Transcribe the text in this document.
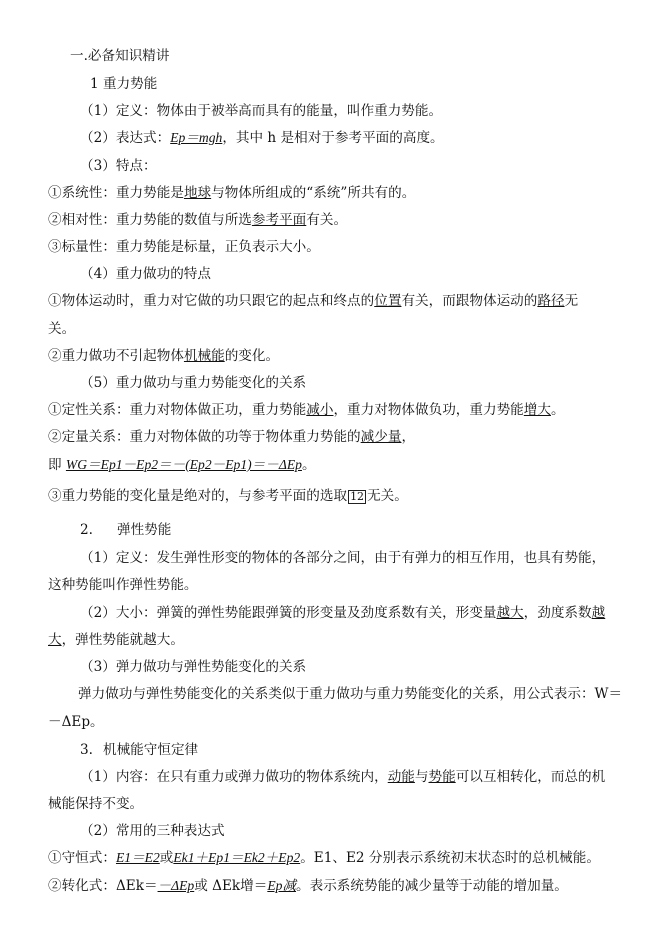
一.必备知识精讲
1 重力势能
（1）定义：物体由于被举高而具有的能量，叫作重力势能。
（2）表达式：Ep＝mgh，其中 h 是相对于参考平面的高度。
（3）特点：
①系统性：重力势能是地球与物体所组成的“系统”所共有的。
②相对性：重力势能的数值与所选参考平面有关。
③标量性：重力势能是标量，正负表示大小。
（4）重力做功的特点
①物体运动时，重力对它做的功只跟它的起点和终点的位置有关，而跟物体运动的路径无
关。
②重力做功不引起物体机械能的变化。
（5）重力做功与重力势能变化的关系
①定性关系：重力对物体做正功，重力势能减小，重力对物体做负功，重力势能增大。
②定量关系：重力对物体做的功等于物体重力势能的减少量，
即 WG＝Ep1－Ep2＝－(Ep2－Ep1)＝－ΔEp。
③重力势能的变化量是绝对的，与参考平面的选取 12 无关。
2. 弹性势能
（1）定义：发生弹性形变的物体的各部分之间，由于有弹力的相互作用，也具有势能，
这种势能叫作弹性势能。
（2）大小：弹簧的弹性势能跟弹簧的形变量及劲度系数有关，形变量越大，劲度系数越
大，弹性势能就越大。
（3）弹力做功与弹性势能变化的关系
弹力做功与弹性势能变化的关系类似于重力做功与重力势能变化的关系，用公式表示：W＝
－ΔEp。
3. 机械能守恒定律
（1）内容：在只有重力或弹力做功的物体系统内，动能与势能可以互相转化，而总的机
械能保持不变。
（2）常用的三种表达式
①守恒式：E1＝E2或Ek1＋Ep1＝Ek2＋Ep2。E1、E2 分别表示系统初末状态时的总机械能。
②转化式：ΔEk＝－ΔEp或 ΔEk增＝Ep减。表示系统势能的减少量等于动能的增加量。
